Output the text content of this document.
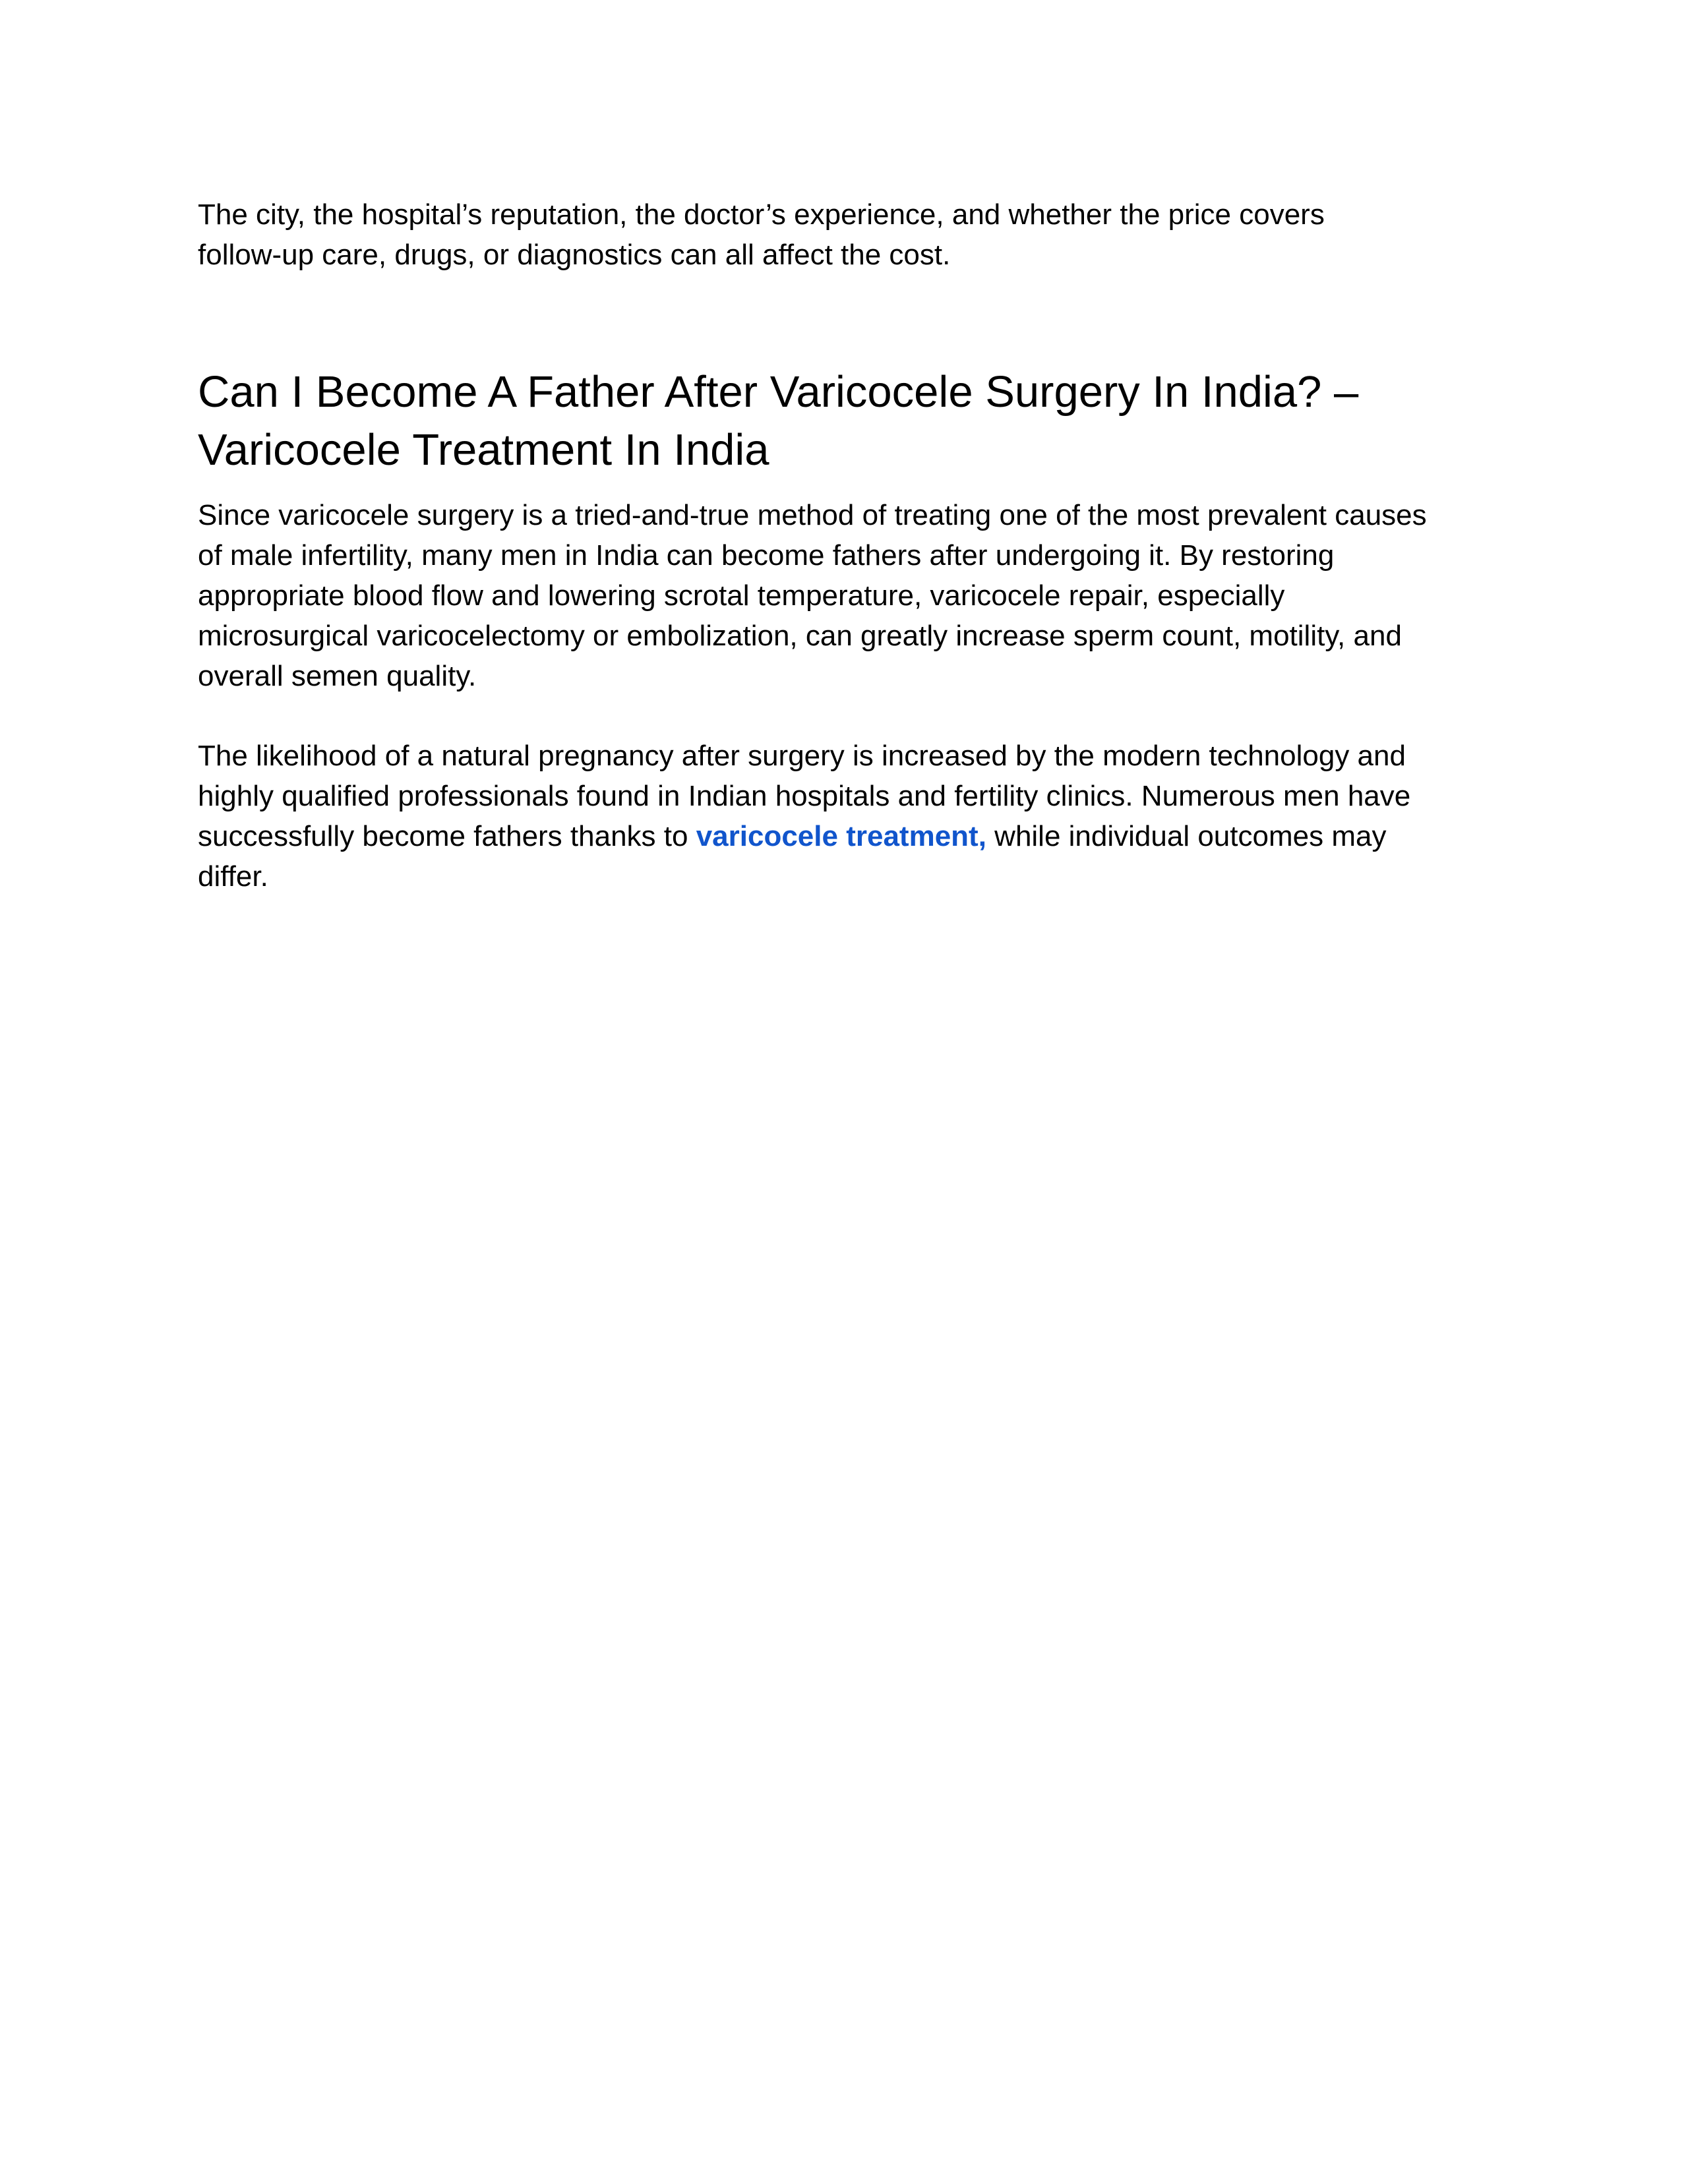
The city, the hospital’s reputation, the doctor’s experience, and whether the price covers
follow-up care, drugs, or diagnostics can all affect the cost.

Can I Become A Father After Varicocele Surgery In India? –
Varicocele Treatment In India

Since varicocele surgery is a tried-and-true method of treating one of the most prevalent causes
of male infertility, many men in India can become fathers after undergoing it. By restoring
appropriate blood flow and lowering scrotal temperature, varicocele repair, especially
microsurgical varicocelectomy or embolization, can greatly increase sperm count, motility, and
overall semen quality.

The likelihood of a natural pregnancy after surgery is increased by the modern technology and
highly qualified professionals found in Indian hospitals and fertility clinics. Numerous men have
successfully become fathers thanks to varicocele treatment, while individual outcomes may
differ.
